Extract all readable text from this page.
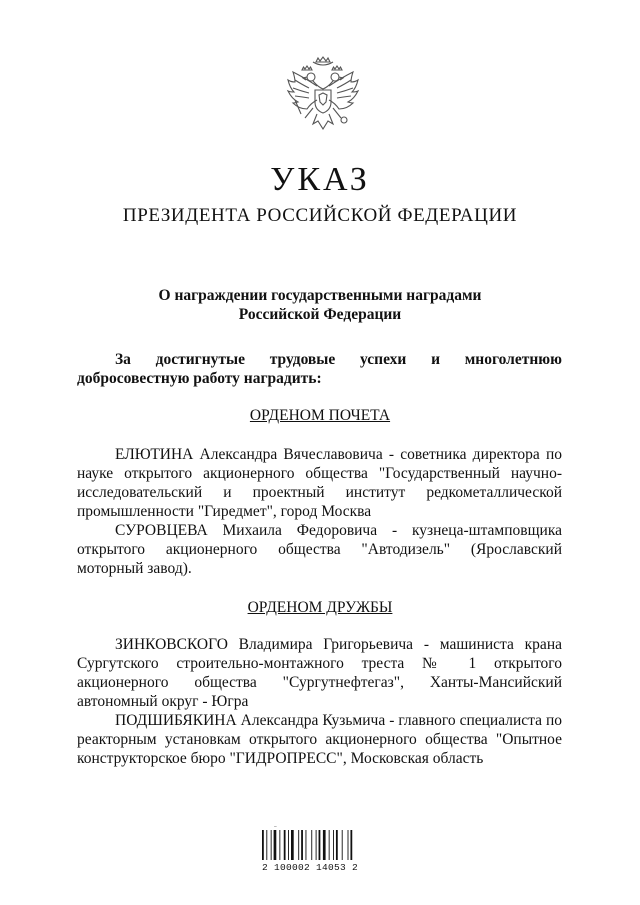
УКАЗ
ПРЕЗИДЕНТА РОССИЙСКОЙ ФЕДЕРАЦИИ
О награждении государственными наградами
Российской Федерации
За достигнутые трудовые успехи и многолетнюю добросовестную работу наградить:
ОРДЕНОМ ПОЧЕТА
ЕЛЮТИНА Александра Вячеславовича - советника директора по науке открытого акционерного общества "Государственный научно-исследовательский и проектный институт редкометаллической промышленности "Гиредмет", город Москва
СУРОВЦЕВА Михаила Федоровича - кузнеца-штамповщика открытого акционерного общества "Автодизель" (Ярославский моторный завод).
ОРДЕНОМ ДРУЖБЫ
ЗИНКОВСКОГО Владимира Григорьевича - машиниста крана Сургутского строительно-монтажного треста № 1 открытого акционерного общества "Сургутнефтегаз", Ханты-Мансийский автономный округ - Югра
ПОДШИБЯКИНА Александра Кузьмича - главного специалиста по реакторным установкам открытого акционерного общества "Опытное конструкторское бюро "ГИДРОПРЕСС", Московская область
~
2 100002 14053 2
